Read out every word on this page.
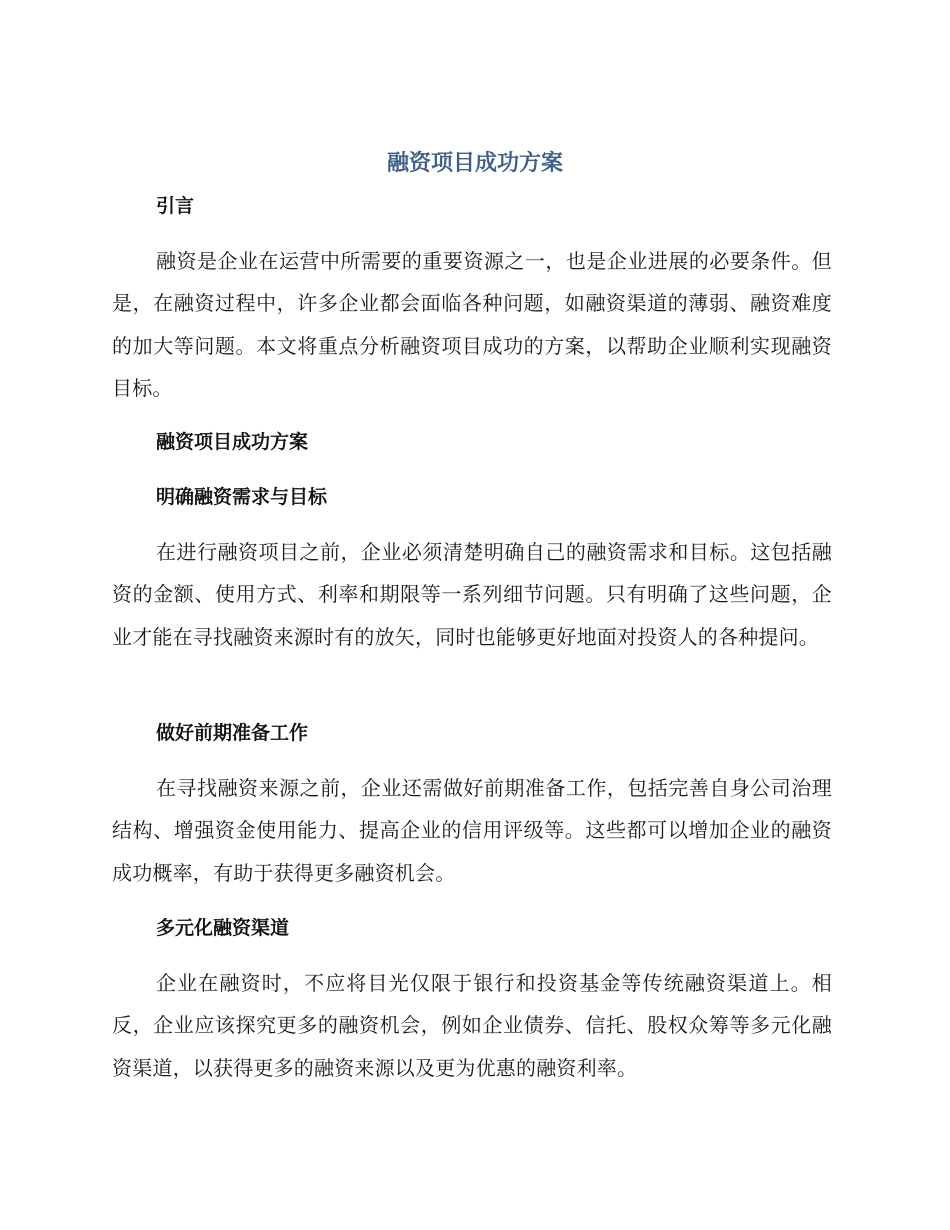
融资项目成功方案
引言
融资是企业在运营中所需要的重要资源之一，也是企业进展的必要条件。但是，在融资过程中，许多企业都会面临各种问题，如融资渠道的薄弱、融资难度的加大等问题。本文将重点分析融资项目成功的方案，以帮助企业顺利实现融资目标。
融资项目成功方案
明确融资需求与目标
在进行融资项目之前，企业必须清楚明确自己的融资需求和目标。这包括融资的金额、使用方式、利率和期限等一系列细节问题。只有明确了这些问题，企业才能在寻找融资来源时有的放矢，同时也能够更好地面对投资人的各种提问。
做好前期准备工作
在寻找融资来源之前，企业还需做好前期准备工作，包括完善自身公司治理结构、增强资金使用能力、提高企业的信用评级等。这些都可以增加企业的融资成功概率，有助于获得更多融资机会。
多元化融资渠道
企业在融资时，不应将目光仅限于银行和投资基金等传统融资渠道上。相反，企业应该探究更多的融资机会，例如企业债券、信托、股权众筹等多元化融资渠道，以获得更多的融资来源以及更为优惠的融资利率。
